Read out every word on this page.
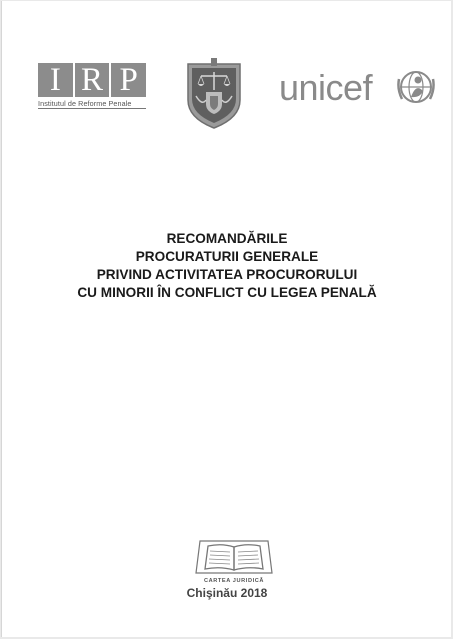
I R P
Institutul de Reforme Penale	unicef
RECOMANDĂRILE
PROCURATURII GENERALE
PRIVIND ACTIVITATEA PROCURORULUI
CU MINORII ÎN CONFLICT CU LEGEA PENALĂ
CARTEA JURIDICĂ
Chişinău 2018
